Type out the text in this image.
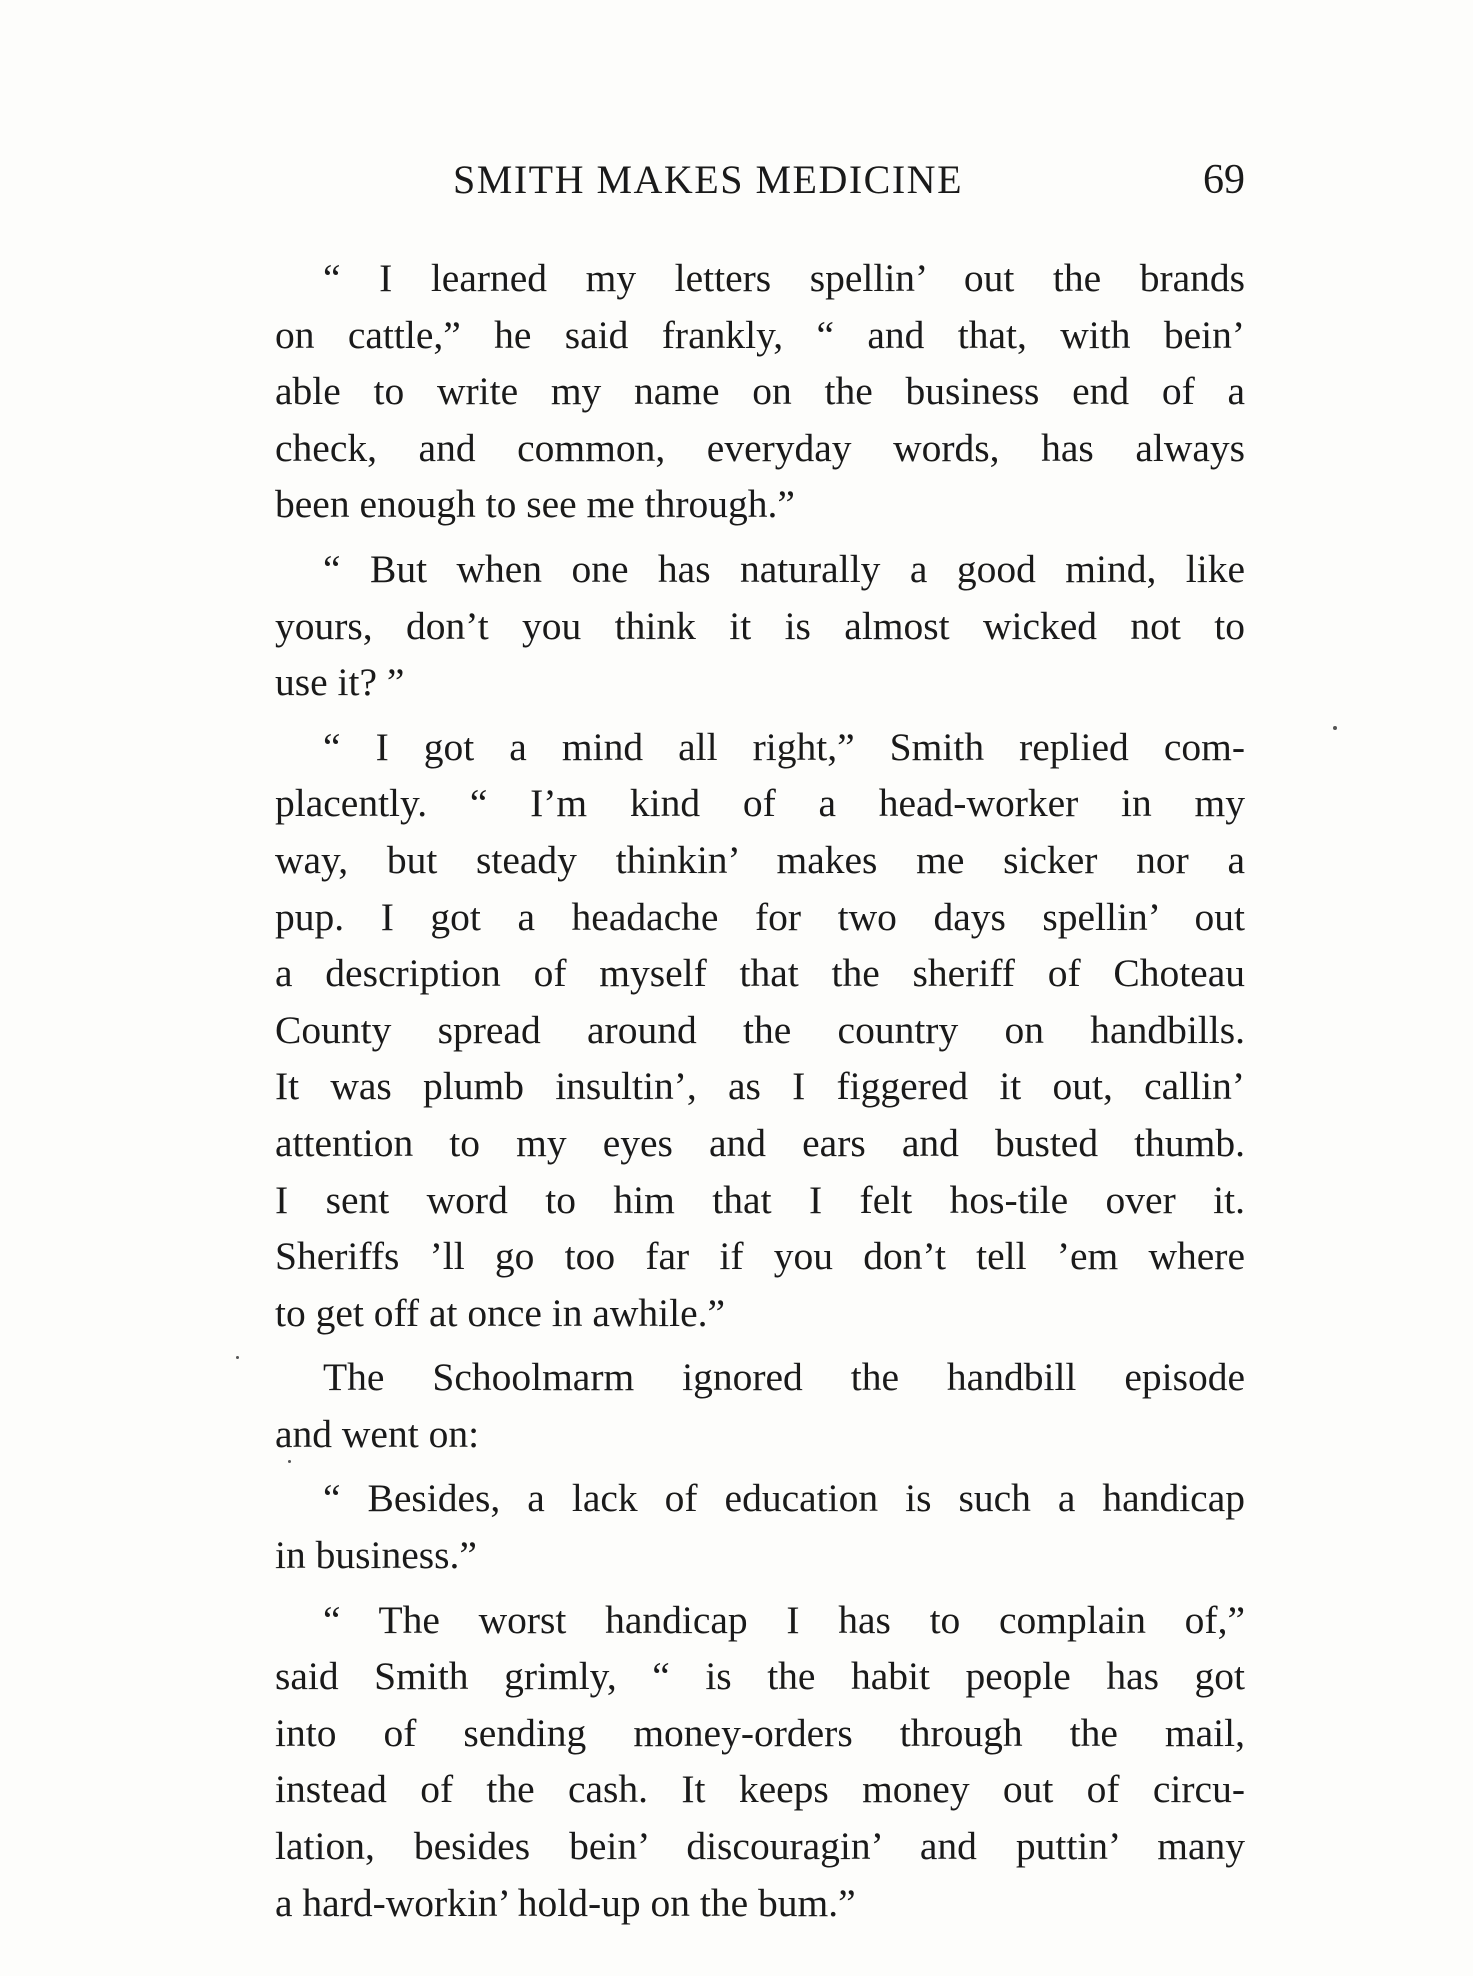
SMITH MAKES MEDICINE	69
“ I learned my letters spellin’ out the brands
on cattle,” he said frankly, “ and that, with bein’
able to write my name on the business end of a
check, and common, everyday words, has always
been enough to see me through.”
“ But when one has naturally a good mind, like
yours, don’t you think it is almost wicked not to
use it? ”
“ I got a mind all right,” Smith replied com-
placently. “ I’m kind of a head-worker in my
way, but steady thinkin’ makes me sicker nor a
pup. I got a headache for two days spellin’ out
a description of myself that the sheriff of Choteau
County spread around the country on handbills.
It was plumb insultin’, as I figgered it out, callin’
attention to my eyes and ears and busted thumb.
I sent word to him that I felt hos-tile over it.
Sheriffs ’ll go too far if you don’t tell ’em where
to get off at once in awhile.”
The Schoolmarm ignored the handbill episode
and went on:
“ Besides, a lack of education is such a handicap
in business.”
“ The worst handicap I has to complain of,”
said Smith grimly, “ is the habit people has got
into of sending money-orders through the mail,
instead of the cash. It keeps money out of circu-
lation, besides bein’ discouragin’ and puttin’ many
a hard-workin’ hold-up on the bum.”
